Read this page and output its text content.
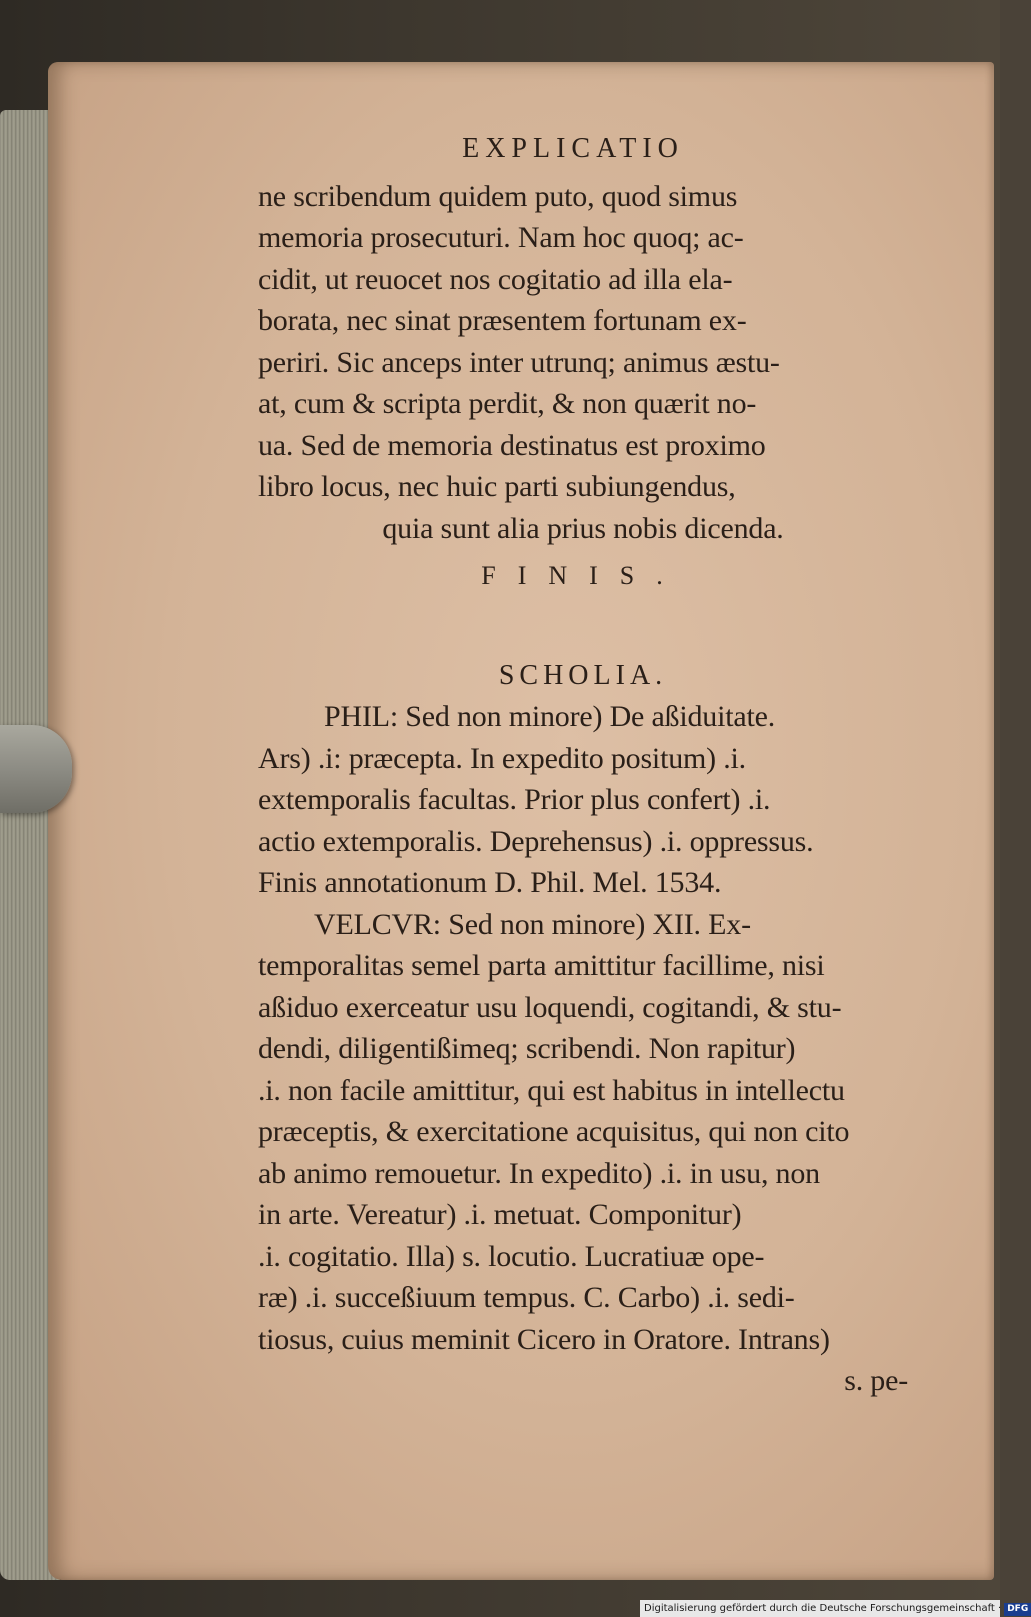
EXPLICATIO
ne scribendum quidem puto, quod simus
memoria prosecuturi. Nam hoc quoq; ac-
cidit, ut reuocet nos cogitatio ad illa ela-
borata, nec sinat præsentem fortunam ex-
periri. Sic anceps inter utrunq; animus æstu-
at, cum & scripta perdit, & non quærit no-
ua. Sed de memoria destinatus est proximo
libro locus, nec huic parti subiungendus,
quia sunt alia prius nobis dicenda.
FINIS.
SCHOLIA.
PHIL: Sed non minore) De aßiduitate.
Ars) .i: præcepta. In expedito positum) .i.
extemporalis facultas. Prior plus confert) .i.
actio extemporalis. Deprehensus) .i. oppressus.
Finis annotationum D. Phil. Mel. 1534.
VELCVR: Sed non minore) XII. Ex-
temporalitas semel parta amittitur facillime, nisi
aßiduo exerceatur usu loquendi, cogitandi, & stu-
dendi, diligentißimeq; scribendi. Non rapitur)
.i. non facile amittitur, qui est habitus in intellectu
præceptis, & exercitatione acquisitus, qui non cito
ab animo remouetur. In expedito) .i. in usu, non
in arte. Vereatur) .i. metuat. Componitur)
.i. cogitatio. Illa) s. locutio. Lucratiuæ ope-
ræ) .i. succeßiuum tempus. C. Carbo) .i. sedi-
tiosus, cuius meminit Cicero in Oratore. Intrans)
s. pe-
Digitalisierung gefördert durch die Deutsche Forschungsgemeinschaft · DFG
